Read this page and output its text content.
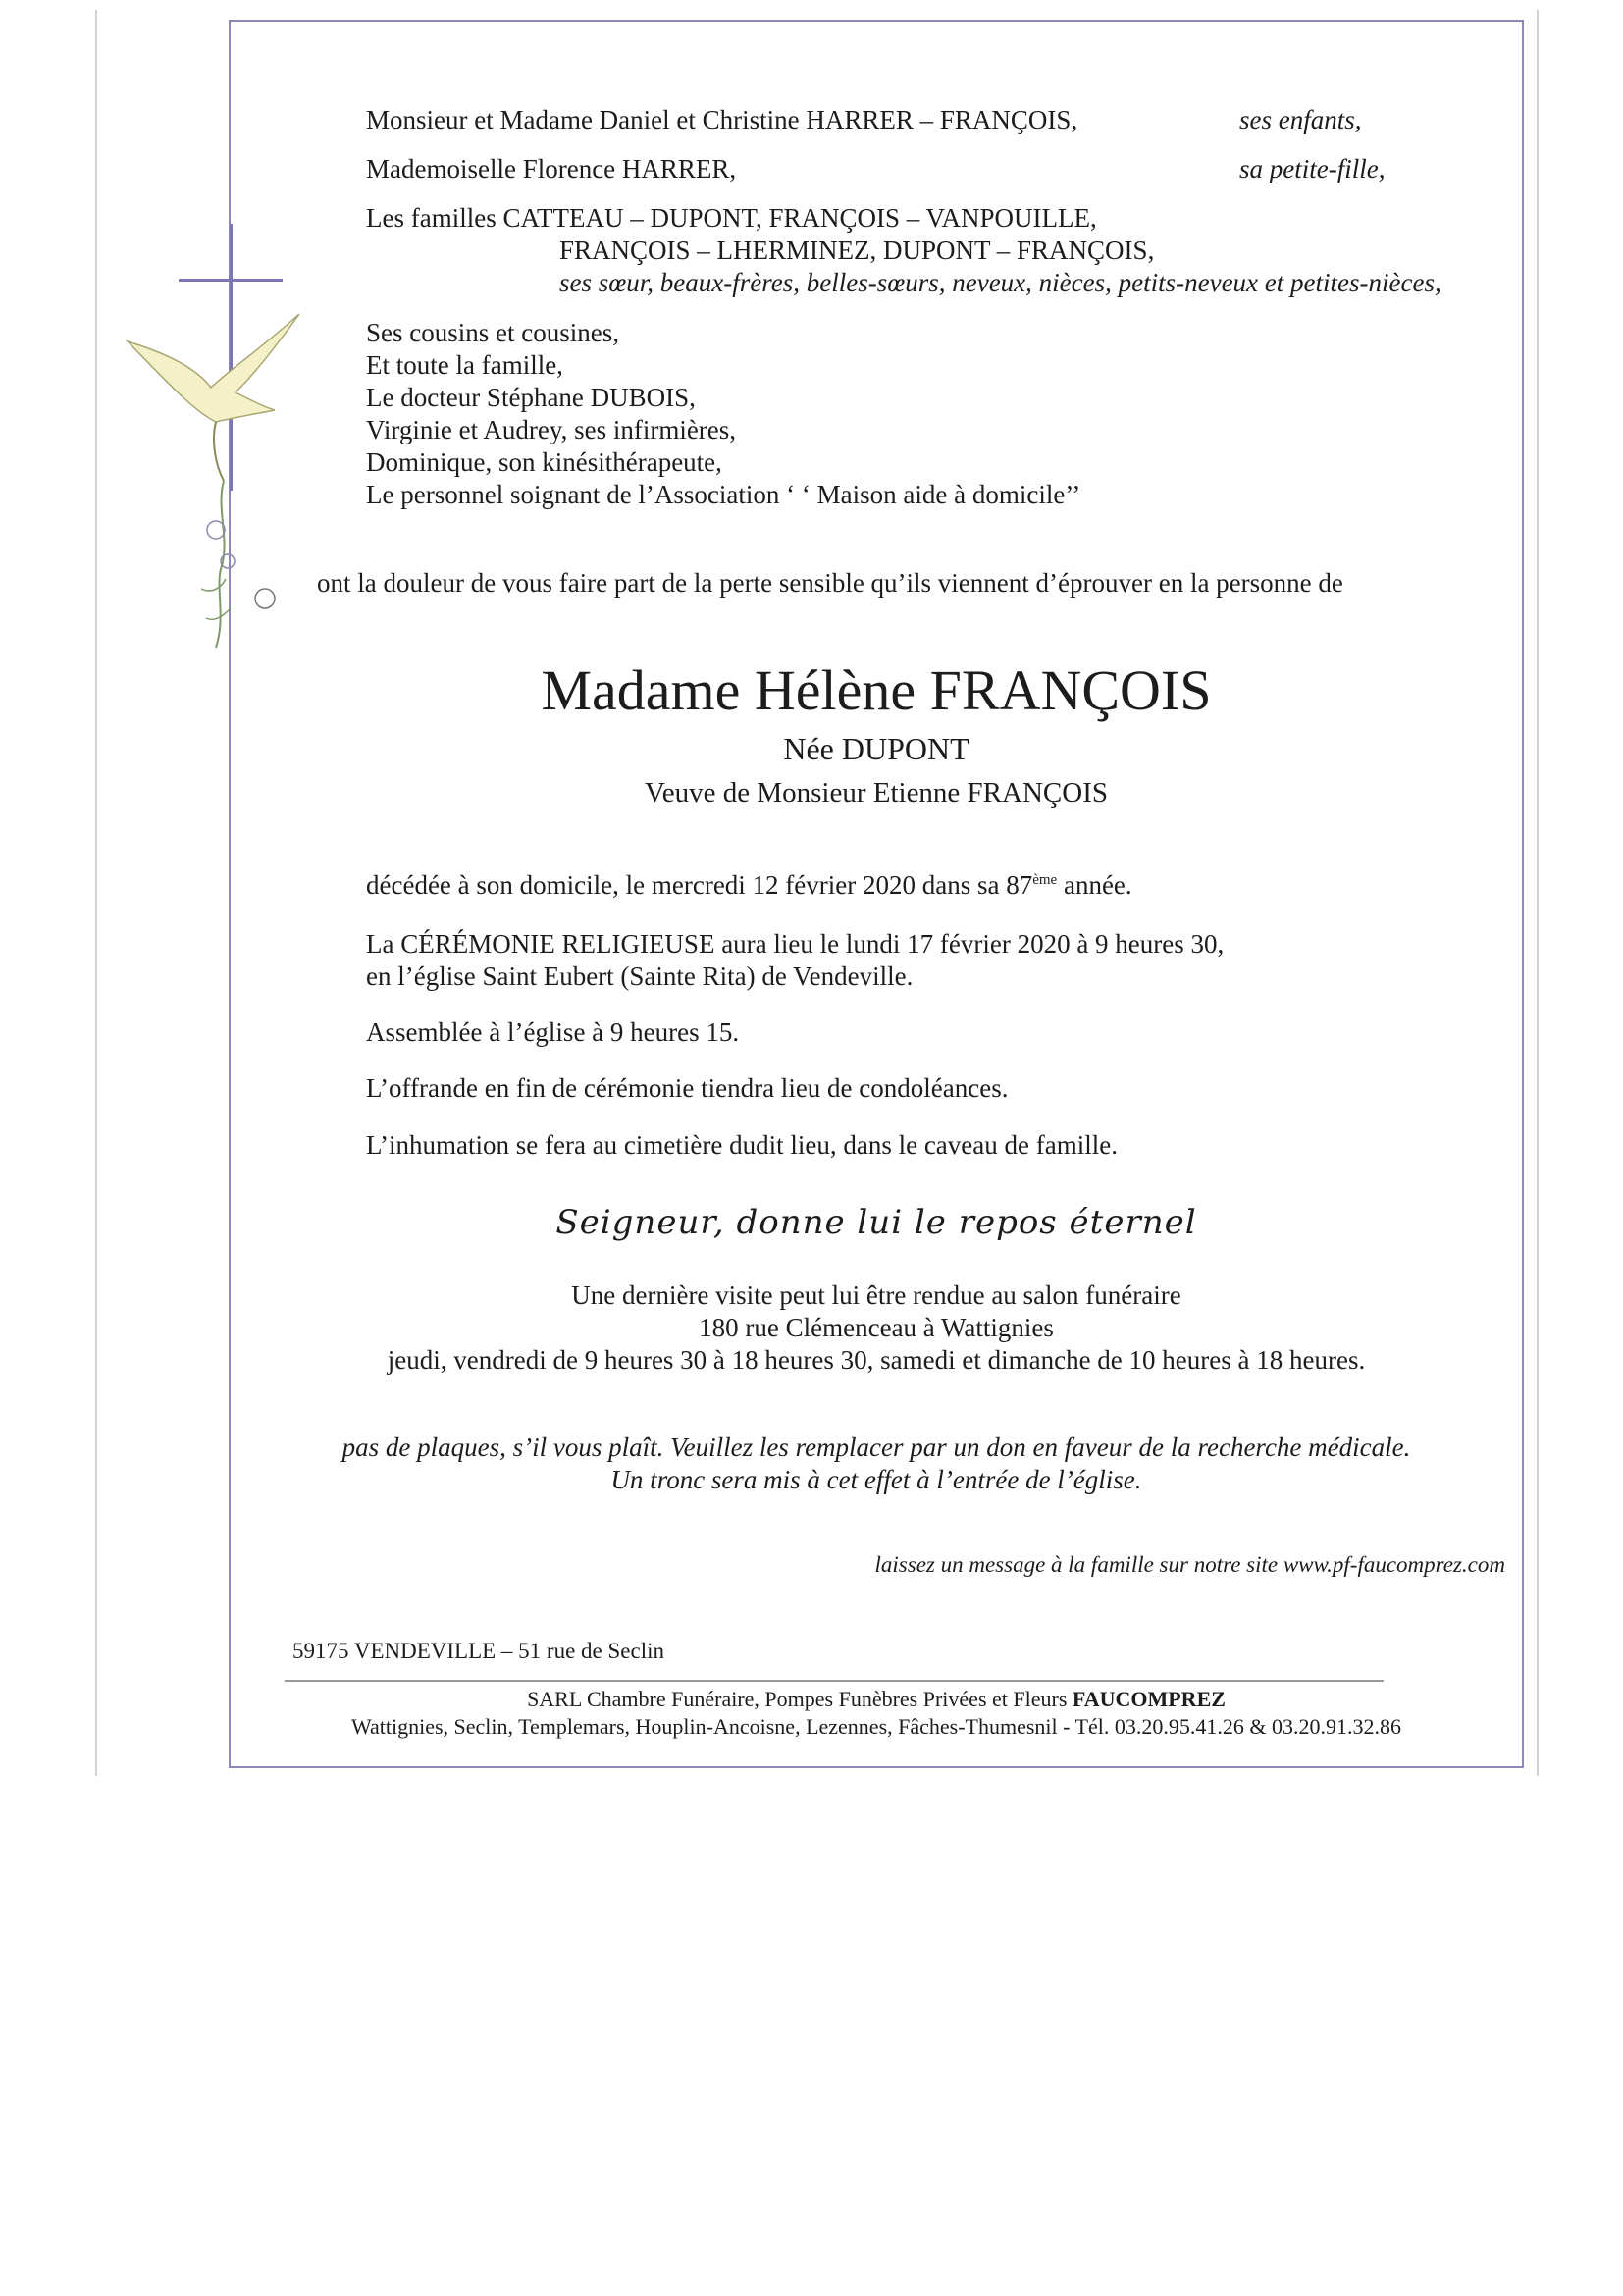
Monsieur et Madame Daniel et Christine HARRER – FRANÇOIS,	ses enfants,
Mademoiselle Florence HARRER,	sa petite-fille,
Les familles CATTEAU – DUPONT, FRANÇOIS – VANPOUILLE,
FRANÇOIS – LHERMINEZ, DUPONT – FRANÇOIS,
ses sœur, beaux-frères, belles-sœurs, neveux, nièces, petits-neveux et petites-nièces,
Ses cousins et cousines,
Et toute la famille,
Le docteur Stéphane DUBOIS,
Virginie et Audrey, ses infirmières,
Dominique, son kinésithérapeute,
Le personnel soignant de l’Association ‘ ‘ Maison aide à domicile’’
ont la douleur de vous faire part de la perte sensible qu’ils viennent d’éprouver en la personne de
Madame Hélène FRANÇOIS
Née DUPONT
Veuve de Monsieur Etienne FRANÇOIS
décédée à son domicile, le mercredi 12 février 2020 dans sa 87ème année.
La CÉRÉMONIE RELIGIEUSE aura lieu le lundi 17 février 2020 à 9 heures 30,
en l’église Saint Eubert (Sainte Rita) de Vendeville.
Assemblée à l’église à 9 heures 15.
L’offrande en fin de cérémonie tiendra lieu de condoléances.
L’inhumation se fera au cimetière dudit lieu, dans le caveau de famille.
Seigneur, donne lui le repos éternel
Une dernière visite peut lui être rendue au salon funéraire
180 rue Clémenceau à Wattignies
jeudi, vendredi de 9 heures 30 à 18 heures 30, samedi et dimanche de 10 heures à 18 heures.
pas de plaques, s’il vous plaît. Veuillez les remplacer par un don en faveur de la recherche médicale.
Un tronc sera mis à cet effet à l’entrée de l’église.
laissez un message à la famille sur notre site www.pf-faucomprez.com
59175 VENDEVILLE – 51 rue de Seclin
SARL Chambre Funéraire, Pompes Funèbres Privées et Fleurs FAUCOMPREZ
Wattignies, Seclin, Templemars, Houplin-Ancoisne, Lezennes, Fâches-Thumesnil - Tél. 03.20.95.41.26 & 03.20.91.32.86
